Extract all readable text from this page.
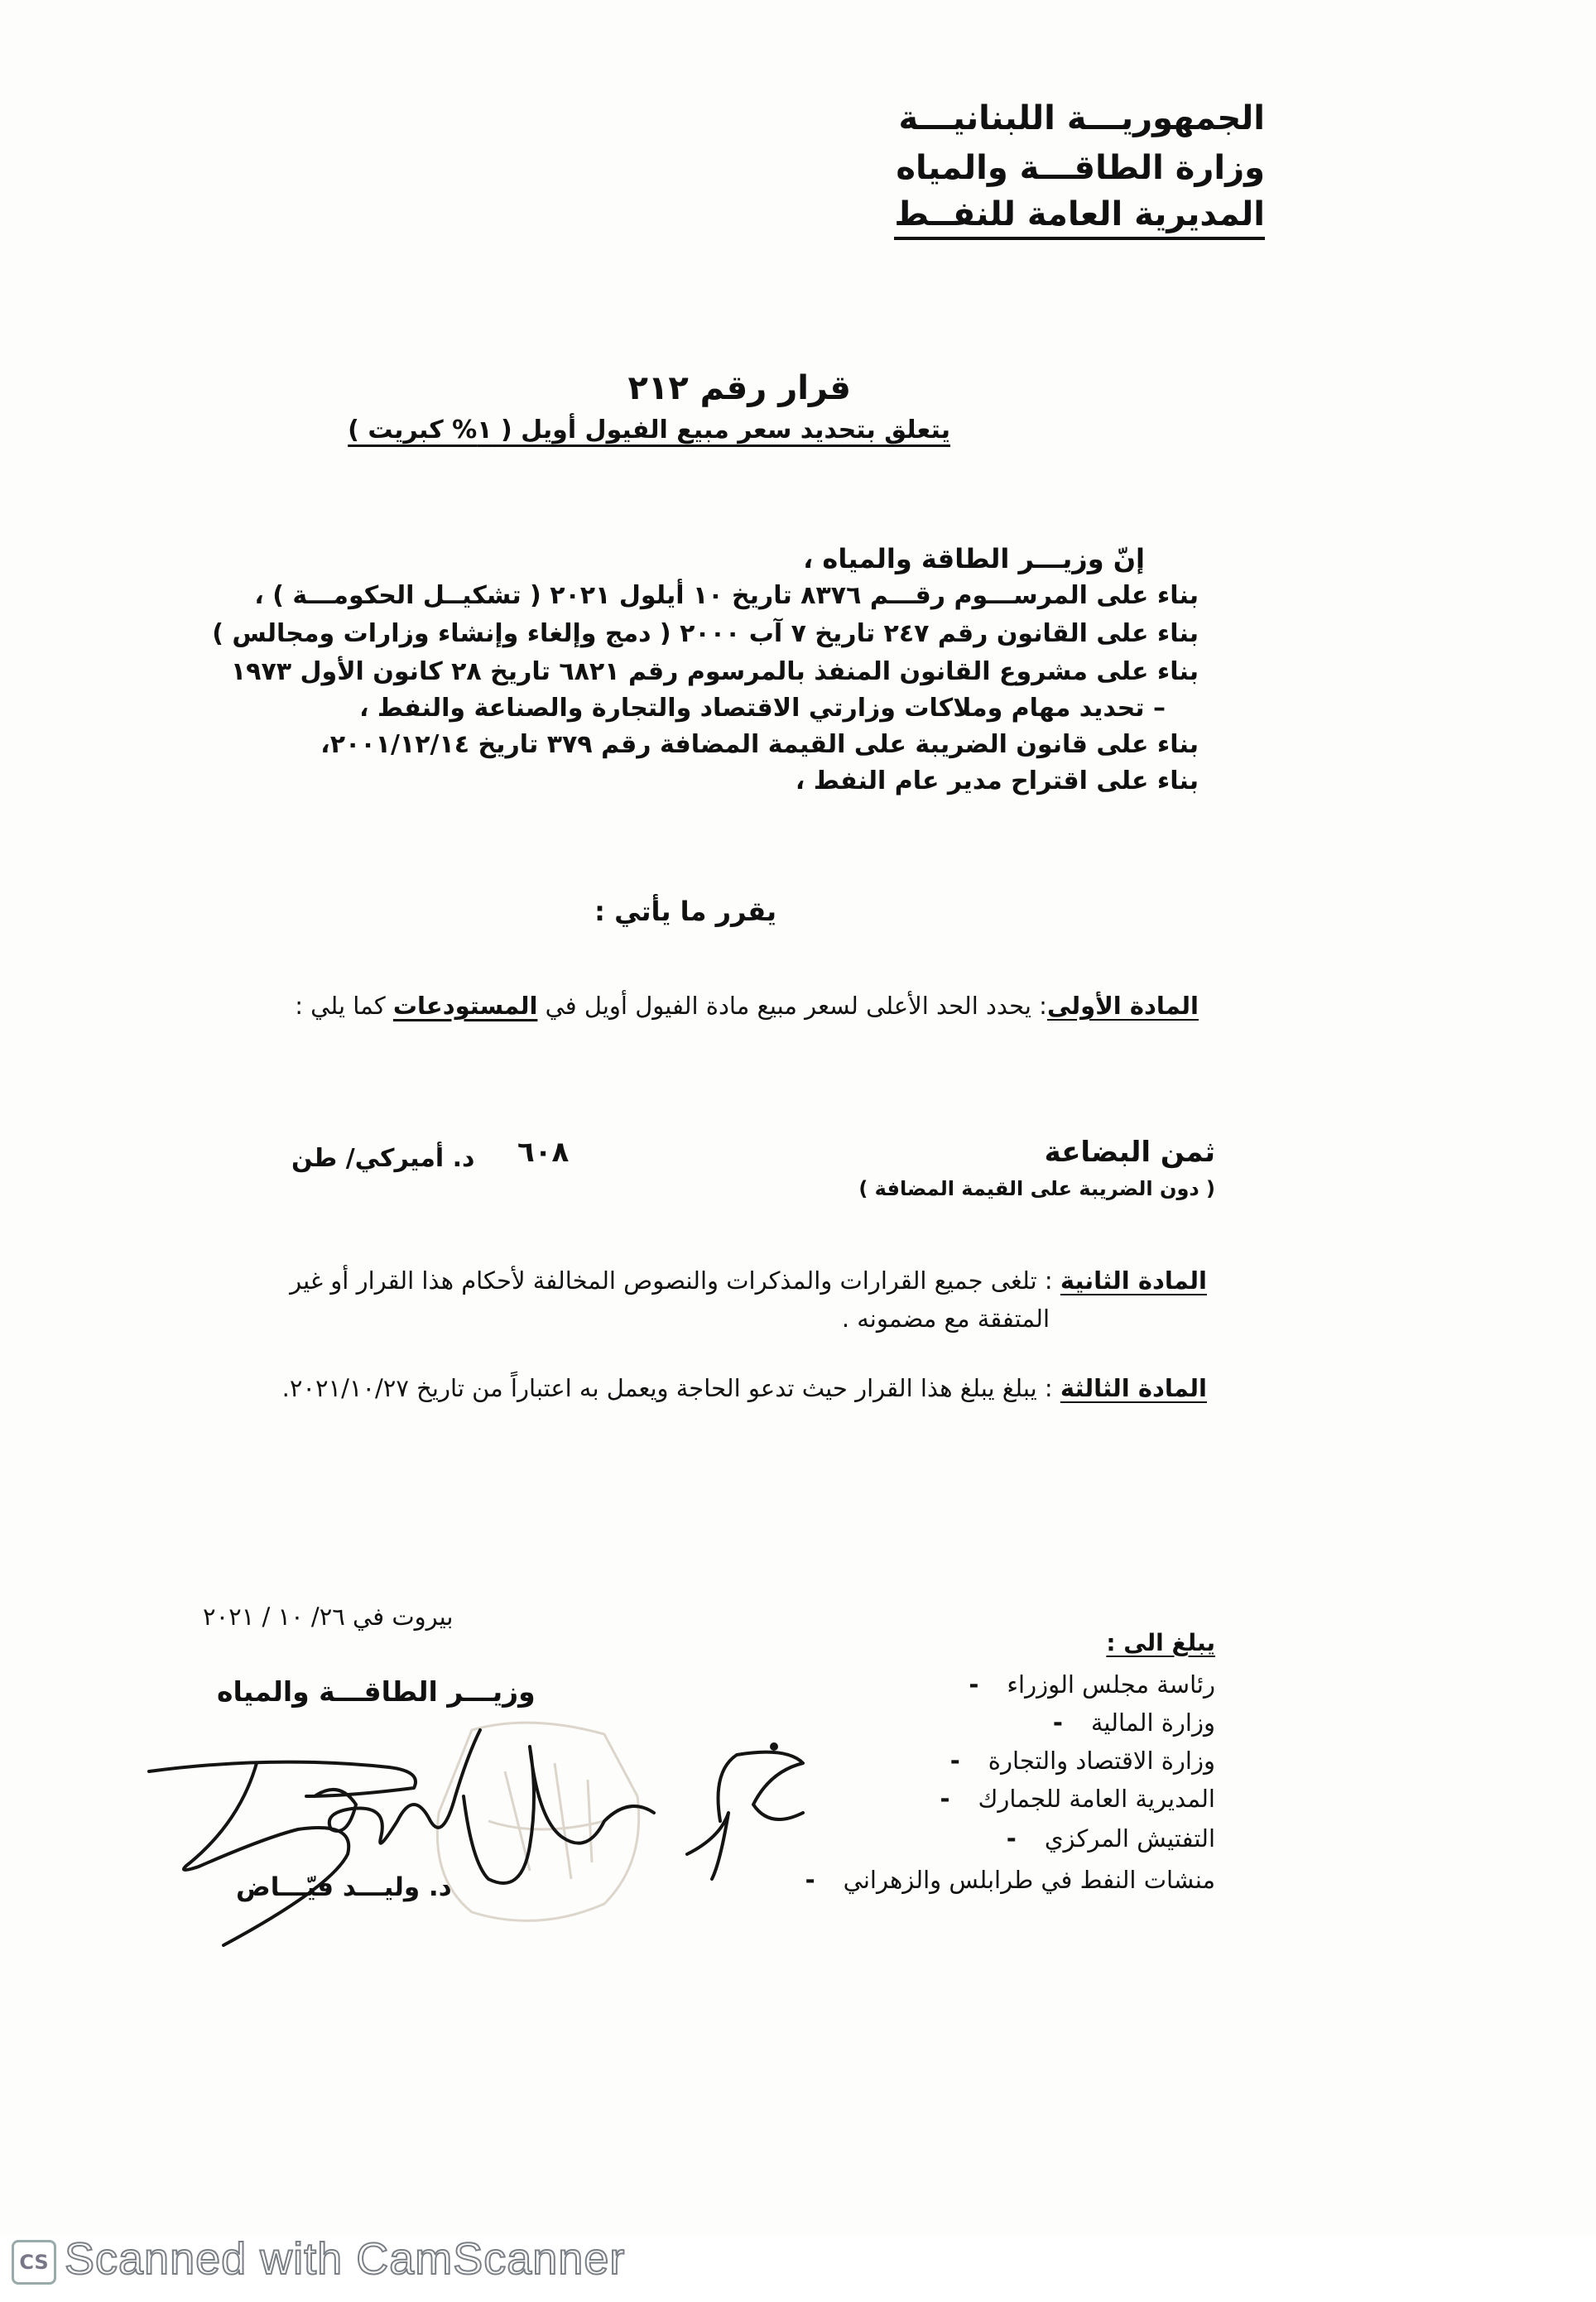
الجمهوريـــة اللبنانيـــة
وزارة الطاقـــة والمياه
المديرية العامة للنفــط
قرار رقم ٢١٢
يتعلق بتحديد سعر مبيع الفيول أويل ( ١% كبريت )
إنّ وزيـــر الطاقة والمياه ،
بناء على المرســـوم رقـــم ٨٣٧٦ تاريخ ١٠ أيلول ٢٠٢١ ( تشكيــل الحكومـــة ) ،
بناء على القانون رقم ٢٤٧ تاريخ ٧ آب ٢٠٠٠ ( دمج وإلغاء وإنشاء وزارات ومجالس )
بناء على مشروع القانون المنفذ بالمرسوم رقم ٦٨٢١ تاريخ ٢٨ كانون الأول ١٩٧٣
– تحديد مهام وملاكات وزارتي الاقتصاد والتجارة والصناعة والنفط ،
بناء على قانون الضريبة على القيمة المضافة رقم ٣٧٩ تاريخ ٢٠٠١/١٢/١٤،
بناء على اقتراح مدير عام النفط ،
يقرر ما يأتي :
المادة الأولى: يحدد الحد الأعلى لسعر مبيع مادة الفيول أويل في المستودعات كما يلي :
ثمن البضاعة
( دون الضريبة على القيمة المضافة )
٦٠٨
د. أميركي/ طن
المادة الثانية : تلغى جميع القرارات والمذكرات والنصوص المخالفة لأحكام هذا القرار أو غير
المتفقة مع مضمونه .
المادة الثالثة : يبلغ يبلغ هذا القرار حيث تدعو الحاجة ويعمل به اعتباراً من تاريخ ٢٠٢١/١٠/٢٧.
بيروت في ٢٦/ ١٠ / ٢٠٢١
وزيـــر الطاقـــة والمياه
د. وليـــد فيّـــاض
يبلغ الى :
- رئاسة مجلس الوزراء
- وزارة المالية
- وزارة الاقتصاد والتجارة
- المديرية العامة للجمارك
- التفتيش المركزي
- منشات النفط في طرابلس والزهراني
CS Scanned with CamScanner
